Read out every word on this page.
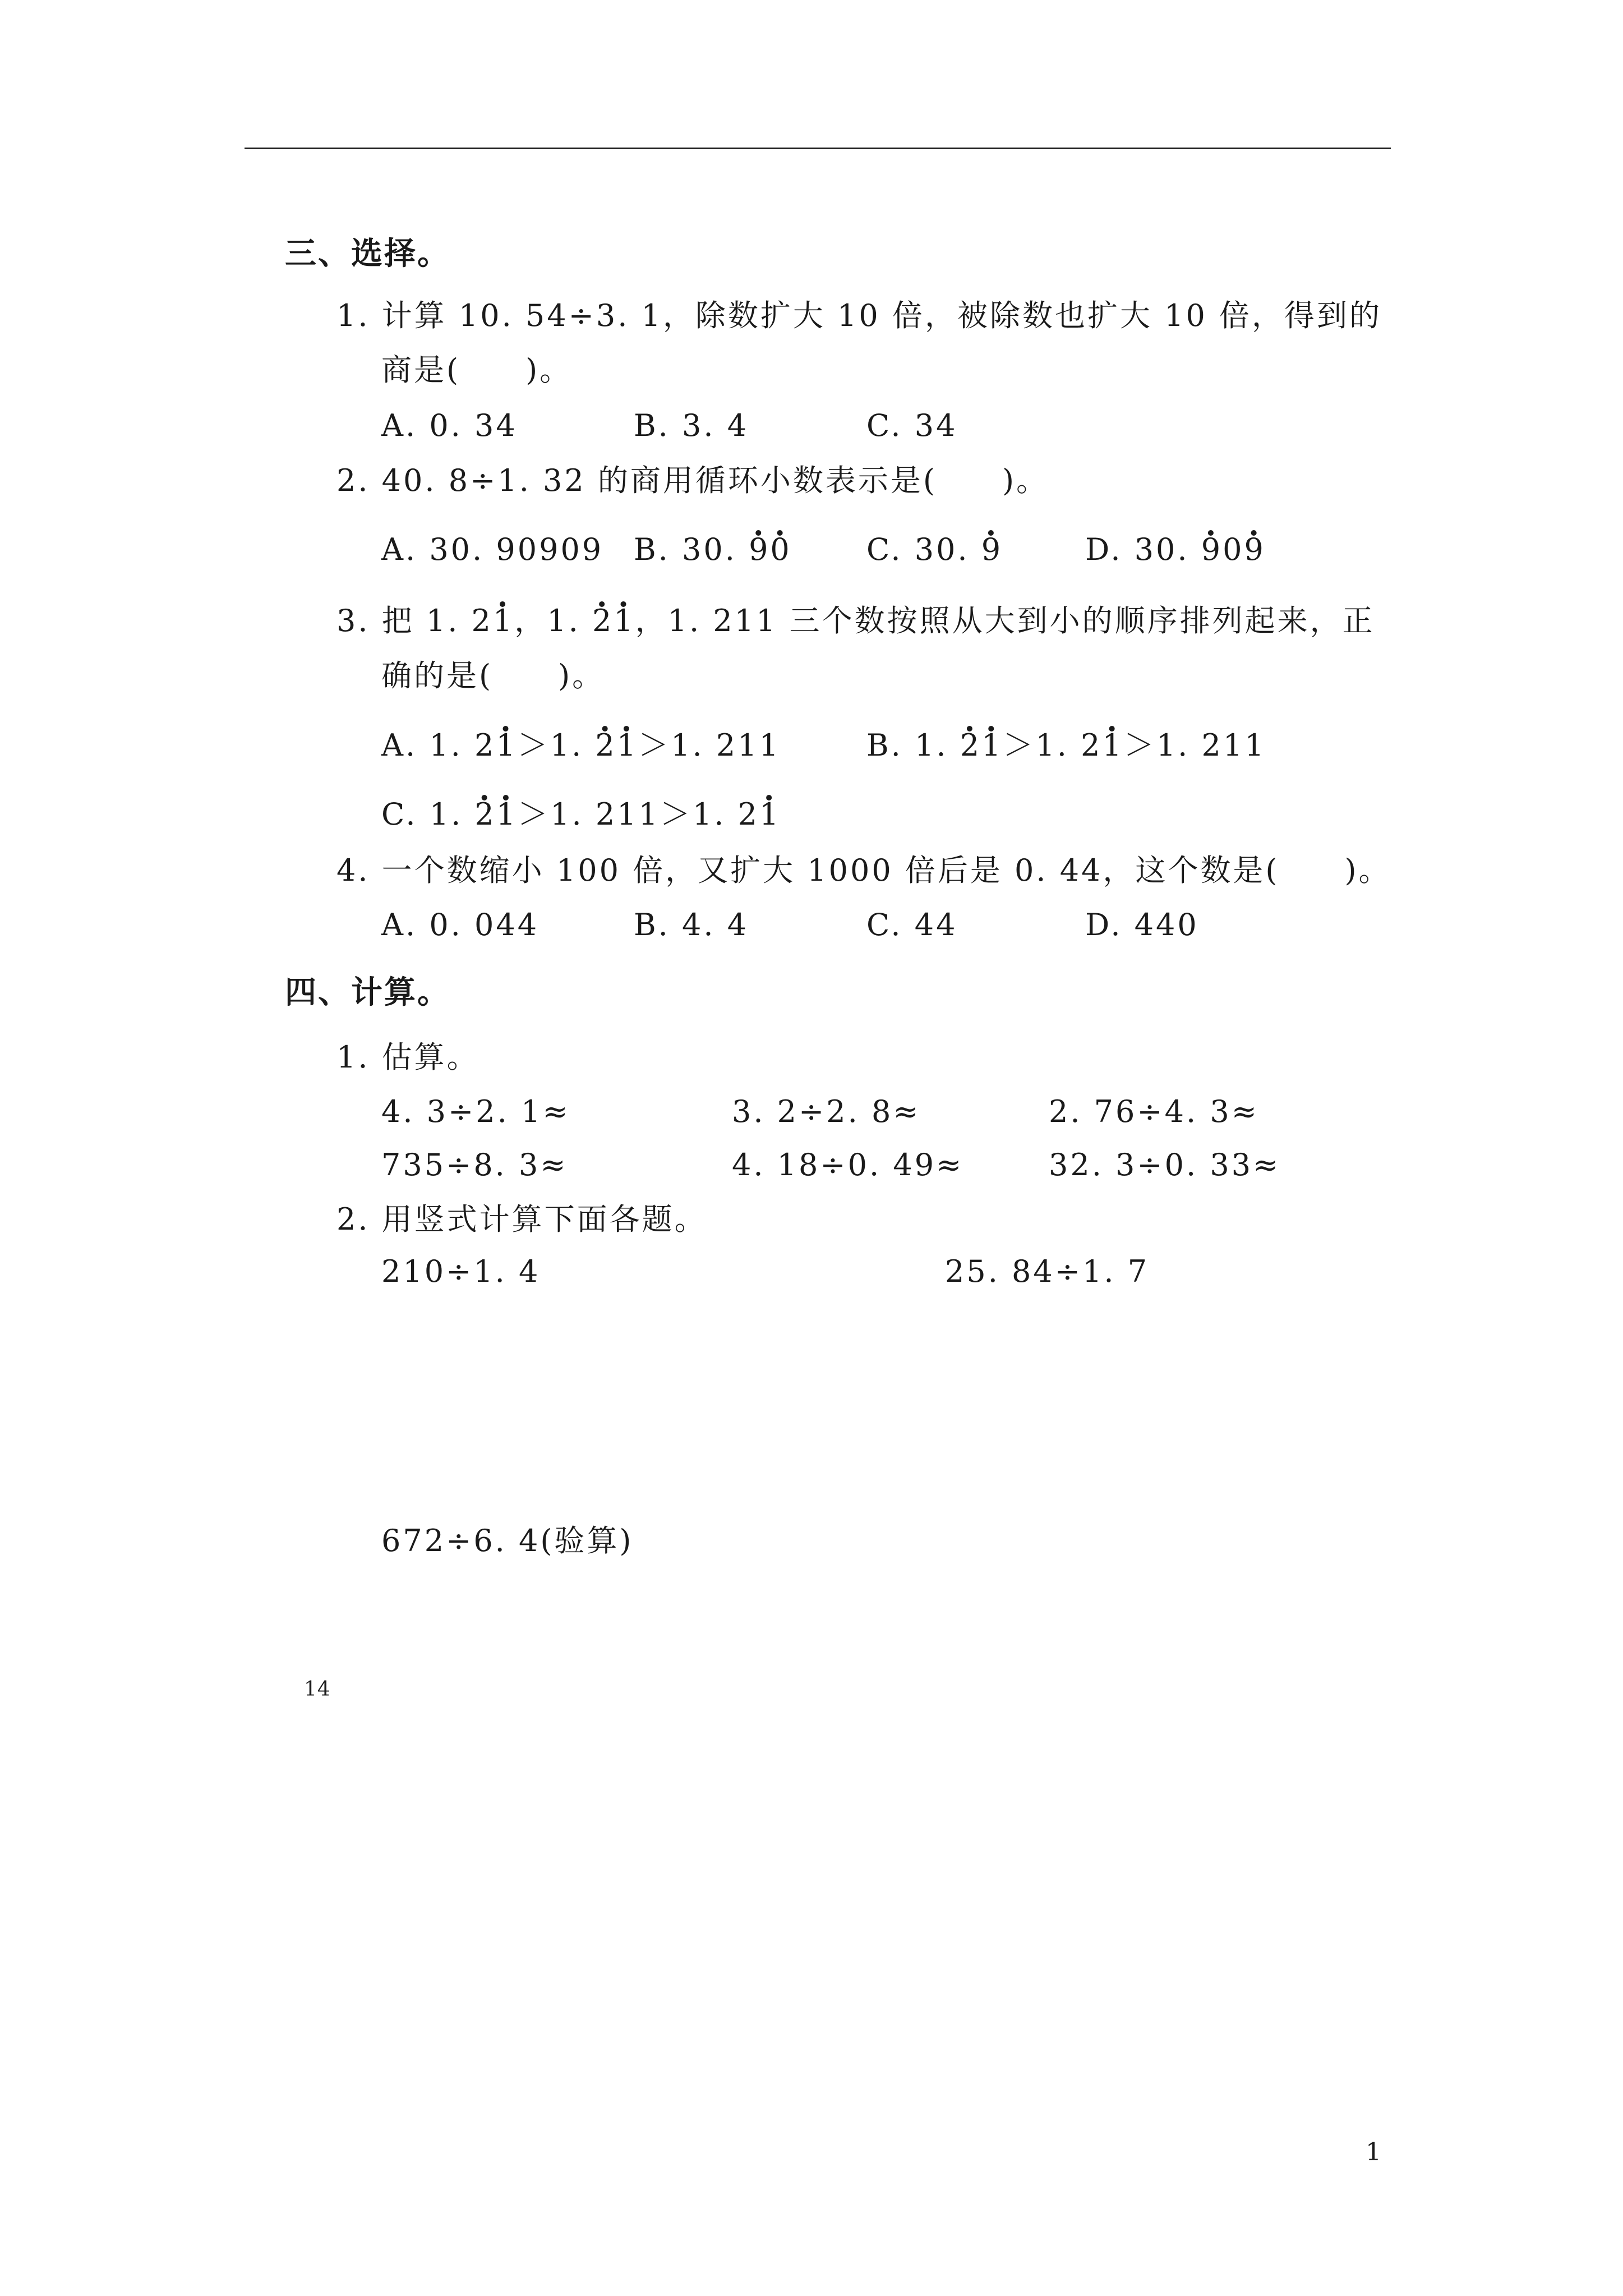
三、选择。
1. 计算 10. 54÷3. 1，除数扩大 10 倍，被除数也扩大 10 倍，得到的
商是(　　)。
A. 0. 34	B. 3. 4	C. 34
2. 40. 8÷1. 32 的商用循环小数表示是(　　)。
A. 30. 90909 B. 30. · 9· 0 C. 30. · 9	D. 30. · 90· 9
3. 把 1. 2· 1，1. · 2· 1，1. 211 三个数按照从大到小的顺序排列起来，正
确的是(　　)。
A. 1. 2· 1＞1. · 2· 1＞1. 211	B. 1. · 2· 1＞1. 2· 1＞1. 211
C. 1. · 2· 1＞1. 211＞1. 2· 1
4. 一个数缩小 100 倍，又扩大 1000 倍后是 0. 44，这个数是(　　)。
A. 0. 044	B. 4. 4	C. 44	D. 440
四、计算。
1. 估算。
4. 3÷2. 1≈	3. 2÷2. 8≈	2. 76÷4. 3≈
735÷8. 3≈	4. 18÷0. 49≈	32. 3÷0. 33≈
2. 用竖式计算下面各题。
210÷1. 4	25. 84÷1. 7
672÷6. 4(验算)
14
1
